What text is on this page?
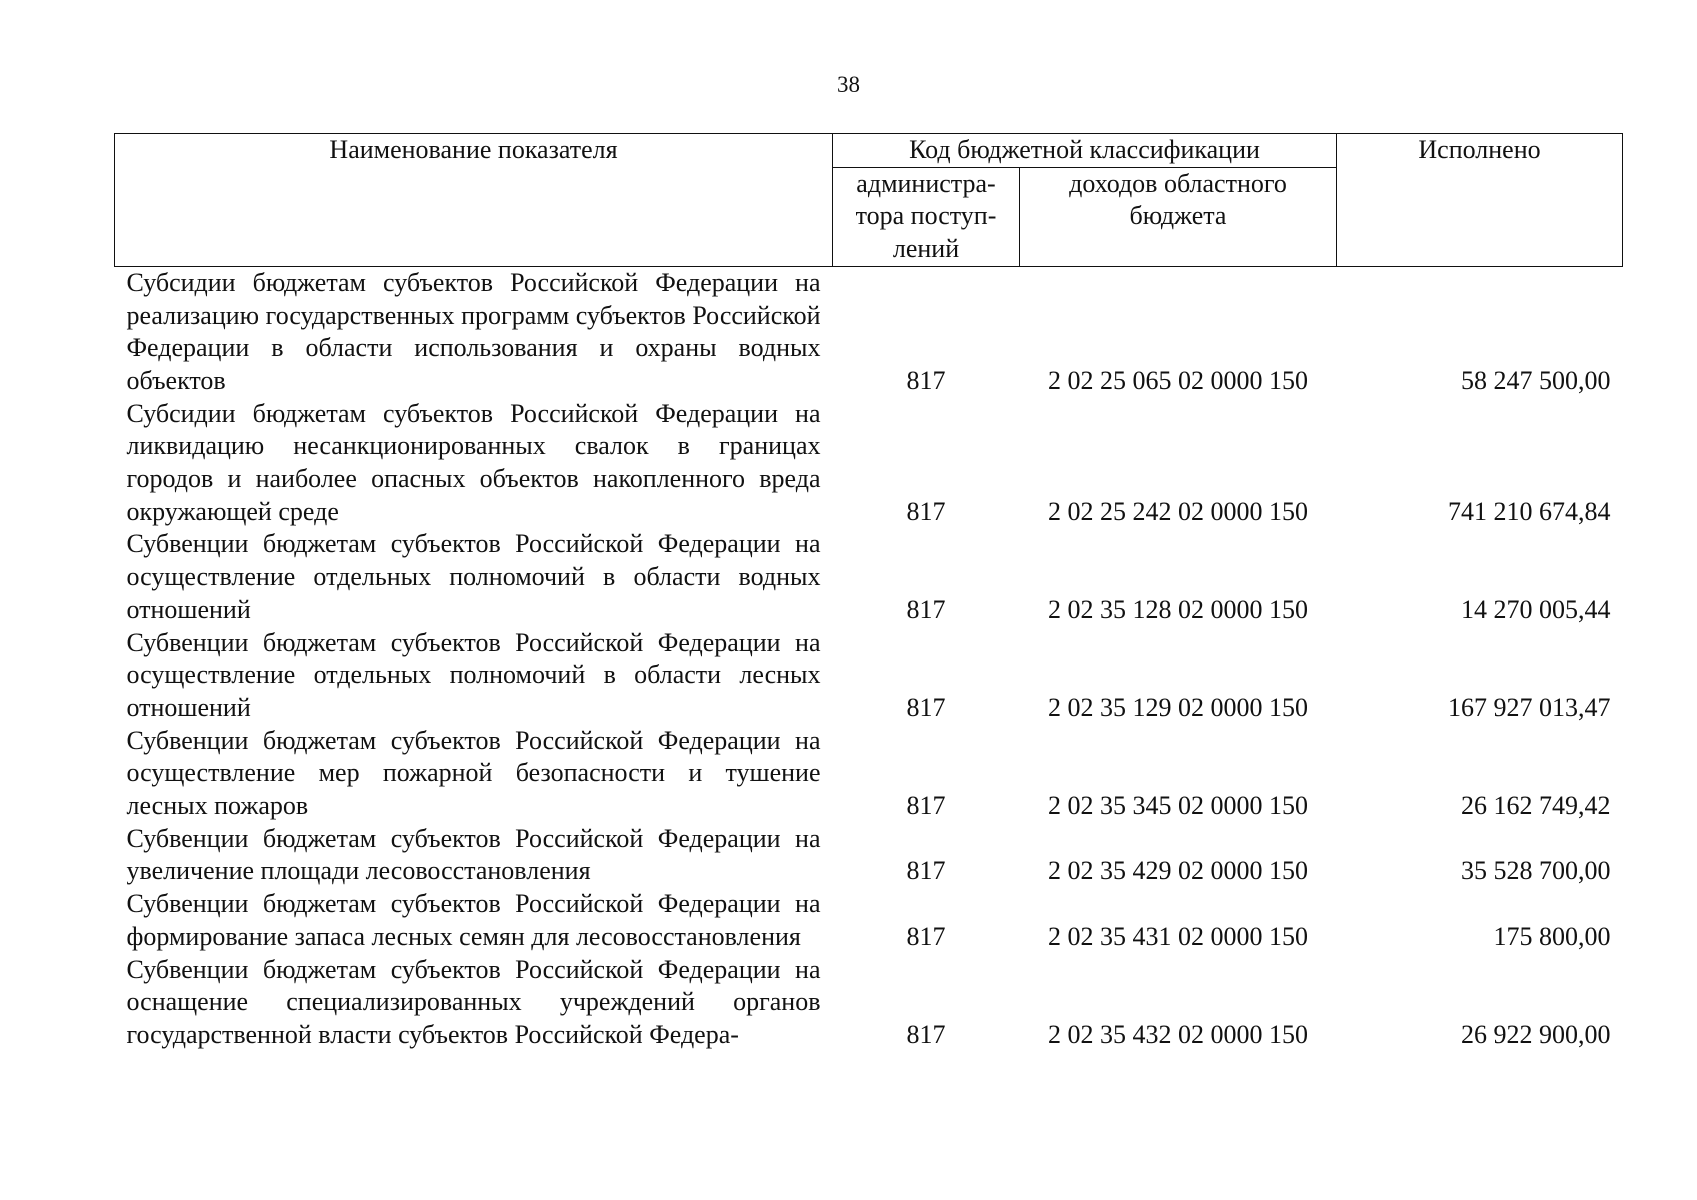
38
Наименование показателя	Код бюджетной классификации		Исполнено
	администра-
тора поступ-
лений	доходов областного
бюджета	
Субсидии бюджетам субъектов Российской Федерации на реализацию государственных программ субъектов Российской Федерации в области использования и охраны водных объектов	817	2 02 25 065 02 0000 150	58 247 500,00
Субсидии бюджетам субъектов Российской Федерации на ликвидацию несанкционированных свалок в границах городов и наиболее опасных объектов накопленного вреда окружающей среде	817	2 02 25 242 02 0000 150	741 210 674,84
Субвенции бюджетам субъектов Российской Федерации на осуществление отдельных полномочий в области водных отношений	817	2 02 35 128 02 0000 150	14 270 005,44
Субвенции бюджетам субъектов Российской Федерации на осуществление отдельных полномочий в области лесных отношений	817	2 02 35 129 02 0000 150	167 927 013,47
Субвенции бюджетам субъектов Российской Федерации на осуществление мер пожарной безопасности и тушение лесных пожаров	817	2 02 35 345 02 0000 150	26 162 749,42
Субвенции бюджетам субъектов Российской Федерации на увеличение площади лесовосстановления	817	2 02 35 429 02 0000 150	35 528 700,00
Субвенции бюджетам субъектов Российской Федерации на формирование запаса лесных семян для лесовосстановления	817	2 02 35 431 02 0000 150	175 800,00
Субвенции бюджетам субъектов Российской Федерации на оснащение специализированных учреждений органов государственной власти субъектов Российской Федера-	817	2 02 35 432 02 0000 150	26 922 900,00
